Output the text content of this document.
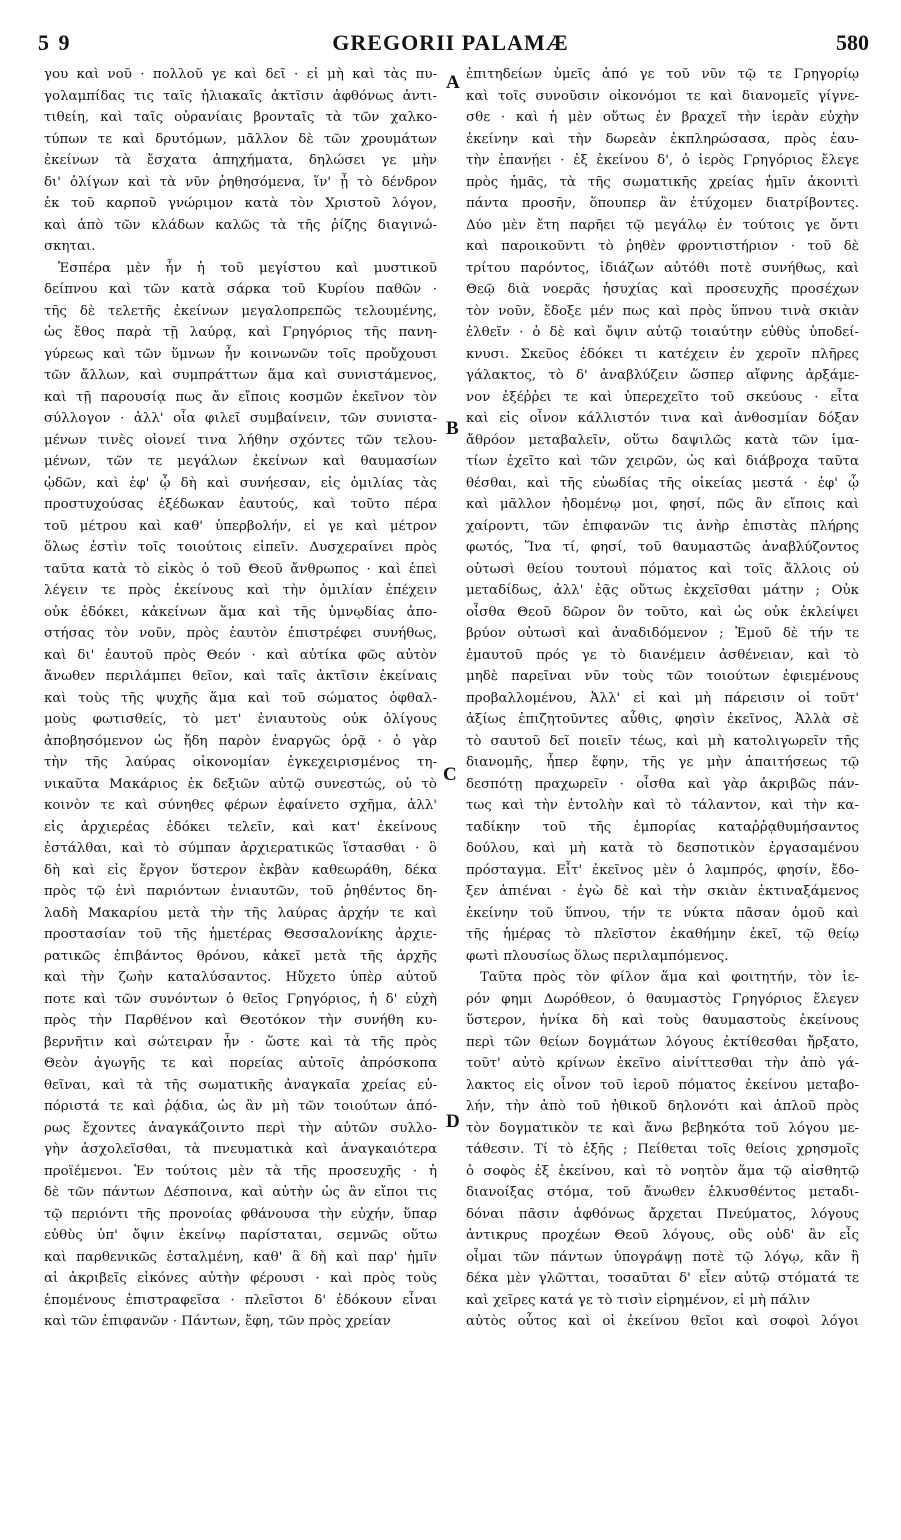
5 9	GREGORII PALAMÆ	580
γου καὶ νοῦ · πολλοῦ γε καὶ δεῖ · εἰ μὴ καὶ τὰς πυ-
γολαμπίδας τις ταῖς ἡλιακαῖς ἀκτῖσιν ἀφθόνως ἀντι-
τιθείη, καὶ ταῖς οὐρανίαις βρονταῖς τὰ τῶν χαλκο-
τύπων τε καὶ δρυτόμων, μᾶλλον δὲ τῶν χρουμάτων
ἐκείνων τὰ ἔσχατα ἀπηχήματα, δηλώσει γε μὴν
δι' ὀλίγων καὶ τὰ νῦν ῥηθησόμενα, ἵν' ᾖ τὸ δένδρον
ἐκ τοῦ καρποῦ γνώριμον κατὰ τὸν Χριστοῦ λόγον,
καὶ ἀπὸ τῶν κλάδων καλῶς τὰ τῆς ῥίζης διαγινώ-
σκηται.
Ἑσπέρα μὲν ἦν ἡ τοῦ μεγίστου καὶ μυστικοῦ
δείπνου καὶ τῶν κατὰ σάρκα τοῦ Κυρίου παθῶν ·
τῆς δὲ τελετῆς ἐκείνων μεγαλοπρεπῶς τελουμένης,
ὡς ἔθος παρὰ τῇ λαύρᾳ, καὶ Γρηγόριος τῆς πανη-
γύρεως καὶ τῶν ὕμνων ἦν κοινωνῶν τοῖς προὔχουσι
τῶν ἄλλων, καὶ συμπράττων ἅμα καὶ συνιστάμενος,
καὶ τῇ παρουσίᾳ πως ἄν εἴποις κοσμῶν ἐκεῖνον τὸν
σύλλογον · ἀλλ' οἷα φιλεῖ συμβαίνειν, τῶν συνιστα-
μένων τινὲς οἱονεί τινα λήθην σχόντες τῶν τελου-
μένων, τῶν τε μεγάλων ἐκείνων καὶ θαυμασίων
ᾠδῶν, καὶ ἐφ' ᾧ δὴ καὶ συνήεσαν, εἰς ὁμιλίας τὰς
προστυχούσας ἐξέδωκαν ἑαυτούς, καὶ τοῦτο πέρα
τοῦ μέτρου καὶ καθ' ὑπερβολήν, εἰ γε καὶ μέτρον
ὅλως ἐστὶν τοῖς τοιούτοις εἰπεῖν. Δυσχεραίνει πρὸς
ταῦτα κατὰ τὸ εἰκὸς ὁ τοῦ Θεοῦ ἄνθρωπος · καὶ ἐπεὶ
λέγειν τε πρὸς ἐκείνους καὶ τὴν ὁμιλίαν ἐπέχειν
οὐκ ἐδόκει, κἀκείνων ἅμα καὶ τῆς ὑμνῳδίας ἀπο-
στήσας τὸν νοῦν, πρὸς ἑαυτὸν ἐπιστρέφει συνήθως,
καὶ δι' ἑαυτοῦ πρὸς Θεόν · καὶ αὐτίκα φῶς αὐτὸν
ἄνωθεν περιλάμπει θεῖον, καὶ ταῖς ἀκτῖσιν ἐκείναις
καὶ τοὺς τῆς ψυχῆς ἅμα καὶ τοῦ σώματος ὀφθαλ-
μοὺς φωτισθείς, τὸ μετ' ἐνιαυτοὺς οὐκ ὀλίγους
ἀποβησόμενον ὡς ἤδη παρὸν ἐναργῶς ὁρᾷ · ὁ γὰρ
τὴν τῆς λαύρας οἰκονομίαν ἐγκεχειρισμένος τη-
νικαῦτα Μακάριος ἐκ δεξιῶν αὐτῷ συνεστώς, οὐ τὸ
κοινὸν τε καὶ σύνηθες φέρων ἐφαίνετο σχῆμα, ἀλλ'
εἰς ἀρχιερέας ἐδόκει τελεῖν, καὶ κατ' ἐκείνους
ἐστάλθαι, καὶ τὸ σύμπαν ἀρχιερατικῶς ἵστασθαι · ὃ
δὴ καὶ εἰς ἔργον ὕστερον ἐκβὰν καθεωράθη, δέκα
πρὸς τῷ ἑνὶ παριόντων ἐνιαυτῶν, τοῦ ῥηθέντος δη-
λαδὴ Μακαρίου μετὰ τὴν τῆς λαύρας ἀρχήν τε καὶ
προστασίαν τοῦ τῆς ἡμετέρας Θεσσαλονίκης ἀρχιε-
ρατικῶς ἐπιβάντος θρόνου, κἀκεῖ μετὰ τῆς ἀρχῆς
καὶ τὴν ζωὴν καταλύσαντος. Ηὔχετο ὑπὲρ αὐτοῦ
ποτε καὶ τῶν συνόντων ὁ θεῖος Γρηγόριος, ἡ δ' εὐχὴ
πρὸς τὴν Παρθένον καὶ Θεοτόκον τὴν συνήθη κυ-
βερνῆτιν καὶ σώτειραν ἦν · ὥστε καὶ τὰ τῆς πρὸς
Θεὸν ἀγωγῆς τε καὶ πορείας αὐτοῖς ἀπρόσκοπα
θεῖναι, καὶ τὰ τῆς σωματικῆς ἀναγκαῖα χρείας εὐ-
πόριστά τε καὶ ῥᾴδια, ὡς ἂν μὴ τῶν τοιούτων ἀπό-
ρως ἔχοντες ἀναγκάζοιντο περὶ τὴν αὐτῶν συλλο-
γὴν ἀσχολεῖσθαι, τὰ πνευματικὰ καὶ ἀναγκαιότερα
προϊέμενοι. Ἐν τούτοις μὲν τὰ τῆς προσευχῆς · ἡ
δὲ τῶν πάντων Δέσποινα, καὶ αὐτὴν ὡς ἂν εἴποι τις
τῷ περιόντι τῆς προνοίας φθάνουσα τὴν εὐχήν, ὕπαρ
εὐθὺς ὑπ' ὄψιν ἐκείνῳ παρίσταται, σεμνῶς οὕτω
καὶ παρθενικῶς ἐσταλμένη, καθ' ἃ δὴ καὶ παρ' ἡμῖν
αἱ ἀκριβεῖς εἰκόνες αὐτὴν φέρουσι · καὶ πρὸς τοὺς
ἑπομένους ἐπιστραφεῖσα · πλεῖστοι δ' ἐδόκουν εἶναι
καὶ τῶν ἐπιφανῶν · Πάντων, ἔφη, τῶν πρὸς χρείαν
ἐπιτηδείων ὑμεῖς ἀπό γε τοῦ νῦν τῷ τε Γρηγορίῳ
καὶ τοῖς συνοῦσιν οἰκονόμοι τε καὶ διανομεῖς γίγνε-
σθε · καὶ ἡ μὲν οὕτως ἐν βραχεῖ τὴν ἱερὰν εὐχὴν
ἐκείνην καὶ τὴν δωρεὰν ἐκπληρώσασα, πρὸς ἑαυ-
τὴν ἐπανῄει · ἐξ ἐκείνου δ', ὁ ἱερὸς Γρηγόριος ἔλεγε
πρὸς ἡμᾶς, τὰ τῆς σωματικῆς χρείας ἡμῖν ἀκονιτὶ
πάντα προσῆν, ὅπουπερ ἂν ἐτύχομεν διατρίβοντες.
Δύο μὲν ἔτη παρῆει τῷ μεγάλῳ ἐν τούτοις γε ὄντι
καὶ παροικοῦντι τὸ ῥηθὲν φροντιστήριον · τοῦ δὲ
τρίτου παρόντος, ἰδιάζων αὐτόθι ποτὲ συνήθως, καὶ
Θεῷ διὰ νοερᾶς ἡσυχίας καὶ προσευχῆς προσέχων
τὸν νοῦν, ἔδοξε μέν πως καὶ πρὸς ὕπνου τινὰ σκιὰν
ἐλθεῖν · ὁ δὲ καὶ ὄψιν αὐτῷ τοιαύτην εὐθὺς ὑποδεί-
κνυσι. Σκεῦος ἐδόκει τι κατέχειν ἐν χεροῖν πλῆρες
γάλακτος, τὸ δ' ἀναβλύζειν ὥσπερ αἴφνης ἀρξάμε-
νον ἐξέῤῥει τε καὶ ὑπερεχεῖτο τοῦ σκεύους · εἶτα
καὶ εἰς οἶνον κάλλιστόν τινα καὶ ἀνθοσμίαν δόξαν
ἄθρόον μεταβαλεῖν, οὕτω δαψιλῶς κατὰ τῶν ἱμα-
τίων ἐχεῖτο καὶ τῶν χειρῶν, ὡς καὶ διάβροχα ταῦτα
θέσθαι, καὶ τῆς εὐωδίας τῆς οἰκείας μεστά · ἐφ' ᾧ
καὶ μᾶλλον ἡδομένῳ μοι, φησί, πῶς ἂν εἴποις καὶ
χαίροντι, τῶν ἐπιφανῶν τις ἀνὴρ ἐπιστὰς πλήρης
φωτός, Ἵνα τί, φησί, τοῦ θαυμαστῶς ἀναβλύζοντος
οὑτωσὶ θείου τουτουὶ πόματος καὶ τοῖς ἄλλοις οὐ
μεταδίδως, ἀλλ' ἐᾷς οὕτως ἐκχεῖσθαι μάτην ; Οὐκ
οἶσθα Θεοῦ δῶρον ὂν τοῦτο, καὶ ὡς οὐκ ἐκλείψει
βρύον οὑτωσὶ καὶ ἀναδιδόμενον ; Ἐμοῦ δὲ τήν τε
ἐμαυτοῦ πρός γε τὸ διανέμειν ἀσθένειαν, καὶ τὸ
μηδὲ παρεῖναι νῦν τοὺς τῶν τοιούτων ἐφιεμένους
προβαλλομένου, Ἀλλ' εἰ καὶ μὴ πάρεισιν οἱ τοῦτ'
ἀξίως ἐπιζητοῦντες αὖθις, φησὶν ἐκεῖνος, Ἀλλὰ σὲ
τὸ σαυτοῦ δεῖ ποιεῖν τέως, καὶ μὴ κατολιγωρεῖν τῆς
διανομῆς, ἧπερ ἔφην, τῆς γε μὴν ἀπαιτήσεως τῷ
δεσπότῃ πραχωρεῖν · οἶσθα καὶ γὰρ ἀκριβῶς πάν-
τως καὶ τὴν ἐντολὴν καὶ τὸ τάλαντον, καὶ τὴν κα-
ταδίκην τοῦ τῆς ἐμπορίας καταῤῥᾳθυμήσαντος
δούλου, καὶ μὴ κατὰ τὸ δεσποτικὸν ἐργασαμένου
πρόσταγμα. Εἶτ' ἐκεῖνος μὲν ὁ λαμπρός, φησίν, ἔδο-
ξεν ἀπιέναι · ἐγὼ δὲ καὶ τὴν σκιὰν ἐκτιναξάμενος
ἐκείνην τοῦ ὕπνου, τήν τε νύκτα πᾶσαν ὁμοῦ καὶ
τῆς ἡμέρας τὸ πλεῖστον ἐκαθήμην ἐκεῖ, τῷ θείῳ
φωτὶ πλουσίως ὅλως περιλαμπόμενος.
Ταῦτα πρὸς τὸν φίλον ἅμα καὶ φοιτητήν, τὸν ἱε-
ρόν φημι Δωρόθεον, ὁ θαυμαστὸς Γρηγόριος ἔλεγεν
ὕστερον, ἡνίκα δὴ καὶ τοὺς θαυμαστοὺς ἐκείνους
περὶ τῶν θείων δογμάτων λόγους ἐκτίθεσθαι ἤρξατο,
τοῦτ' αὐτὸ κρίνων ἐκεῖνο αἰνίττεσθαι τὴν ἀπὸ γά-
λακτος εἰς οἶνον τοῦ ἱεροῦ πόματος ἐκείνου μεταβο-
λήν, τὴν ἀπὸ τοῦ ἠθικοῦ δηλονότι καὶ ἁπλοῦ πρὸς
τὸν δογματικὸν τε καὶ ἄνω βεβηκότα τοῦ λόγου με-
τάθεσιν. Τί τὸ ἑξῆς ; Πείθεται τοῖς θείοις χρησμοῖς
ὁ σοφὸς ἐξ ἐκείνου, καὶ τὸ νοητὸν ἅμα τῷ αἰσθητῷ
διανοίξας στόμα, τοῦ ἄνωθεν ἑλκυσθέντος μεταδι-
δόναι πᾶσιν ἀφθόνως ἄρχεται Πνεύματος, λόγους
ἀντικρυς προχέων Θεοῦ λόγους, οὓς οὐδ' ἂν εἶς
οἶμαι τῶν πάντων ὑπογράψῃ ποτὲ τῷ λόγῳ, κἂν ἢ
δέκα μὲν γλῶτται, τοσαῦται δ' εἶεν αὐτῷ στόματά τε
καὶ χεῖρες κατά γε τὸ τισὶν εἰρημένον, εἰ μὴ πάλιν
αὐτὸς οὗτος καὶ οἱ ἐκείνου θεῖοι καὶ σοφοὶ λόγοι
A
B
C
D
